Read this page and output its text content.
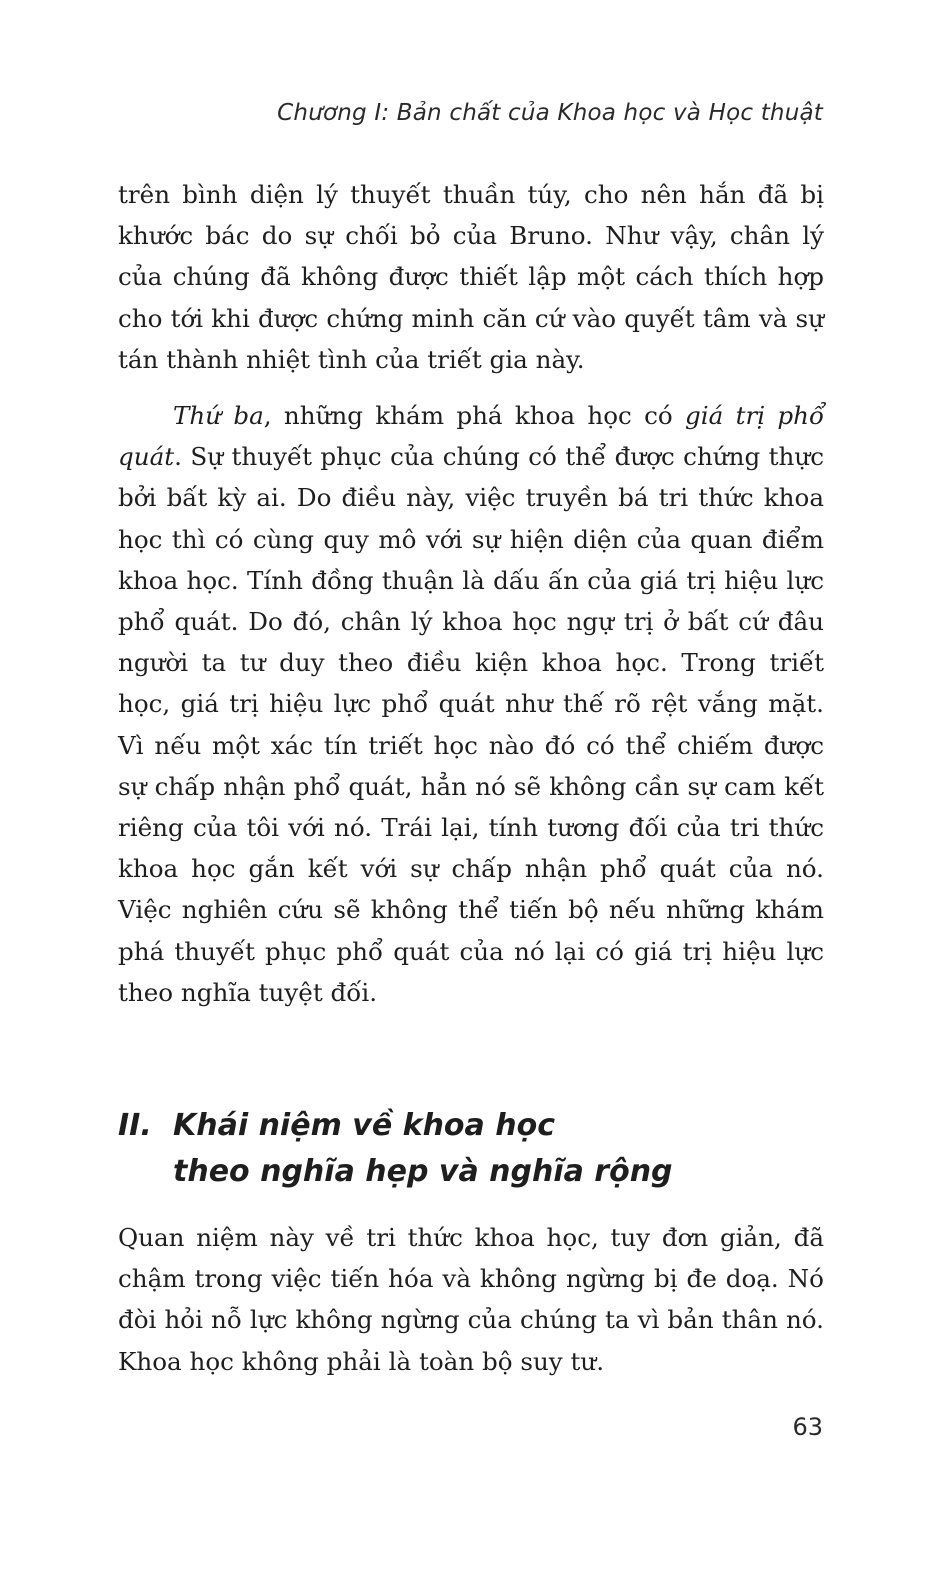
Chương I: Bản chất của Khoa học và Học thuật

trên bình diện lý thuyết thuần túy, cho nên hắn đã bị khước bác do sự chối bỏ của Bruno. Như vậy, chân lý của chúng đã không được thiết lập một cách thích hợp cho tới khi được chứng minh căn cứ vào quyết tâm và sự tán thành nhiệt tình của triết gia này.

Thứ ba, những khám phá khoa học có giá trị phổ quát. Sự thuyết phục của chúng có thể được chứng thực bởi bất kỳ ai. Do điều này, việc truyền bá tri thức khoa học thì có cùng quy mô với sự hiện diện của quan điểm khoa học. Tính đồng thuận là dấu ấn của giá trị hiệu lực phổ quát. Do đó, chân lý khoa học ngự trị ở bất cứ đâu người ta tư duy theo điều kiện khoa học. Trong triết học, giá trị hiệu lực phổ quát như thế rõ rệt vắng mặt. Vì nếu một xác tín triết học nào đó có thể chiếm được sự chấp nhận phổ quát, hẳn nó sẽ không cần sự cam kết riêng của tôi với nó. Trái lại, tính tương đối của tri thức khoa học gắn kết với sự chấp nhận phổ quát của nó. Việc nghiên cứu sẽ không thể tiến bộ nếu những khám phá thuyết phục phổ quát của nó lại có giá trị hiệu lực theo nghĩa tuyệt đối.

II. Khái niệm về khoa học
theo nghĩa hẹp và nghĩa rộng

Quan niệm này về tri thức khoa học, tuy đơn giản, đã chậm trong việc tiến hóa và không ngừng bị đe doạ. Nó đòi hỏi nỗ lực không ngừng của chúng ta vì bản thân nó. Khoa học không phải là toàn bộ suy tư.

63
